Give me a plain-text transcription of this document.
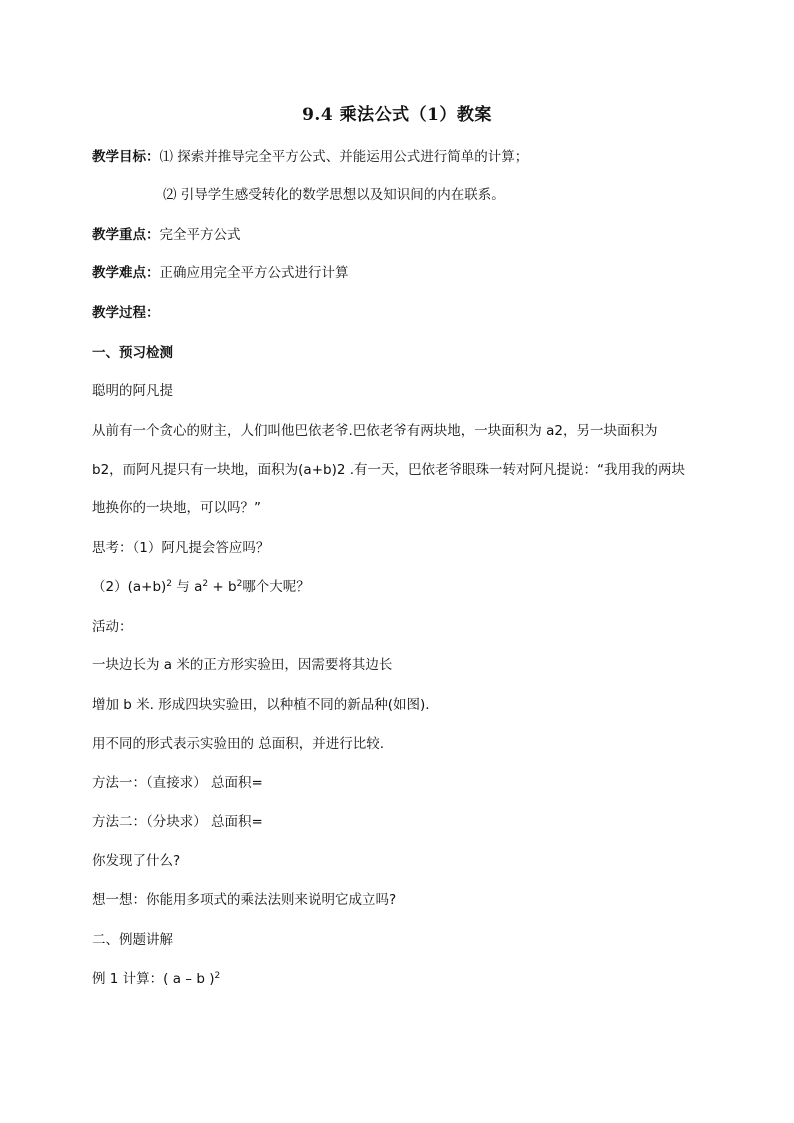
9.4 乘法公式（1）教案
教学目标：⑴ 探索并推导完全平方公式、并能运用公式进行简单的计算；
⑵ 引导学生感受转化的数学思想以及知识间的内在联系。
教学重点：完全平方公式
教学难点：正确应用完全平方公式进行计算
教学过程：
一、预习检测
聪明的阿凡提
从前有一个贪心的财主，人们叫他巴依老爷.巴依老爷有两块地，一块面积为 a2，另一块面积为
b2，而阿凡提只有一块地，面积为(a+b)2 .有一天，巴依老爷眼珠一转对阿凡提说：“我用我的两块
地换你的一块地，可以吗？”
思考：（1）阿凡提会答应吗？
$(2)(a+b)^2$ 与 $a^2 + b^2$哪个大呢？
活动：
一块边长为 a 米的正方形实验田，因需要将其边长
增加 b 米. 形成四块实验田，以种植不同的新品种(如图).
用不同的形式表示实验田的 总面积，并进行比较.
方法一：（直接求） 总面积=
方法二：（分块求） 总面积=
你发现了什么?
想一想：你能用多项式的乘法法则来说明它成立吗?
二、例题讲解
例 1 计算：( a – b )$^2$
